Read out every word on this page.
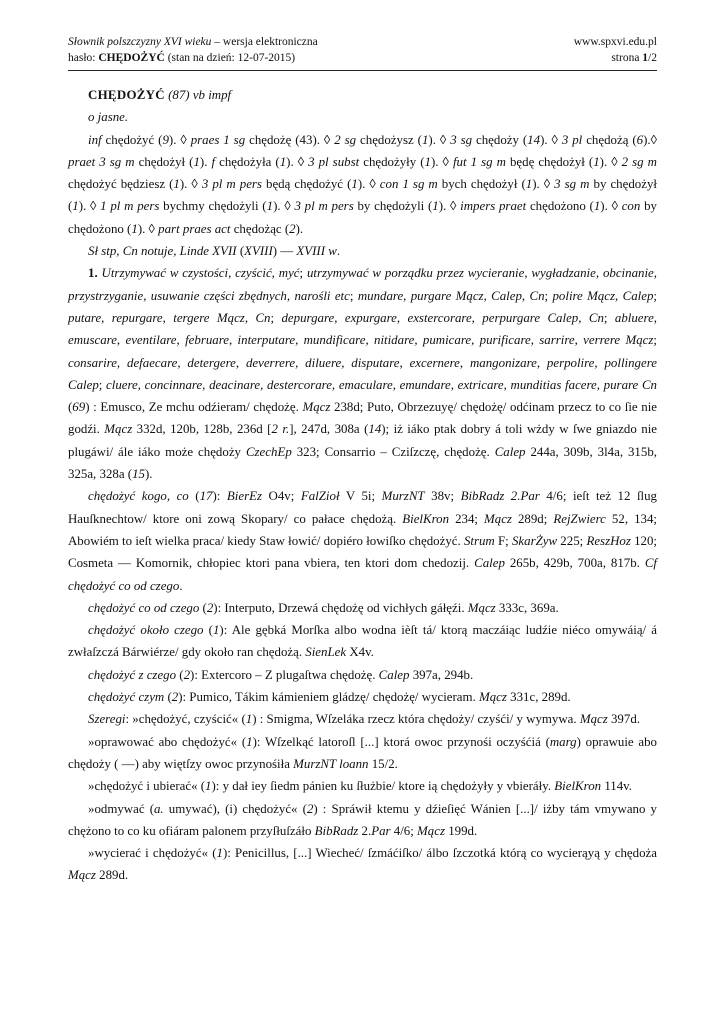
Słownik polszczyzny XVI wieku – wersja elektroniczna	www.spxvi.edu.pl
hasło: CHĘDOŻYĆ (stan na dzień: 12-07-2015)	strona 1/2

CHĘDOŻYĆ (87) vb impf

o jasne.

inf chędożyć (9). ◊ praes 1 sg chędożę (43). ◊ 2 sg chędożysz (1). ◊ 3 sg chędoży (14). ◊ 3 pl chędożą (6).◊ praet 3 sg m chędożył (1). f chędożyła (1). ◊ 3 pl subst chędożyły (1). ◊ fut 1 sg m będę chędożył (1). ◊ 2 sg m chędożyć będziesz (1). ◊ 3 pl m pers będą chędożyć (1). ◊ con 1 sg m bych chędożył (1). ◊ 3 sg m by chędożył (1). ◊ 1 pl m pers bychmy chędożyli (1). ◊ 3 pl m pers by chędożyli (1). ◊ impers praet chędożono (1). ◊ con by chędożono (1). ◊ part praes act chędożąc (2).

Sł stp, Cn notuje, Linde XVII (XVIII) — XVIII w.

1. Utrzymywać w czystości, czyścić, myć; utrzymywać w porządku przez wycieranie, wygładzanie, obcinanie, przystrzyganie, usuwanie części zbędnych, narośli etc; mundare, purgare Mącz, Calep, Cn; polire Mącz, Calep; putare, repurgare, tergere Mącz, Cn; depurgare, expurgare, exstercorare, perpurgare Calep, Cn; abluere, emuscare, eventilare, februare, interputare, mundificare, nitidare, pumicare, purificare, sarrire, verrere Mącz; consarire, defaecare, detergere, deverrere, diluere, disputare, excernere, mangonizare, perpolire, pollingere Calep; cluere, concinnare, deacinare, destercorare, emaculare, emundare, extricare, munditias facere, purare Cn (69) : Emusco, Ze mchu odźieram/ chędożę. Mącz 238d; Puto, Obrzezuyę/ chędożę/ odćinam przecz to co ſie nie godźi. Mącz 332d, 120b, 128b, 236d [2 r.], 247d, 308a (14); iż iáko ptak dobry á toli wżdy w ſwe gniazdo nie plugáwi/ ále iáko może chędoży CzechEp 323; Consarrio – Cziſzczę, chędożę. Calep 244a, 309b, 3l4a, 315b, 325a, 328a (15).

chędożyć kogo, co (17): BierEz O4v; FalZioł V 5i; MurzNT 38v; BibRadz 2.Par 4/6; ieſt też 12 ſlug Hauſknechtow/ ktore oni zową Skopary/ co pałace chędożą. BielKron 234; Mącz 289d; RejZwierc 52, 134; Abowiém to ieſt wielka praca/ kiedy Staw łowić/ dopiéro łowiſko chędożyć. Strum F; SkarŻyw 225; ReszHoz 120; Cosmeta — Komornik, chłopiec ktori pana vbiera, ten ktori dom chedozij. Calep 265b, 429b, 700a, 817b. Cf chędożyć co od czego.

chędożyć co od czego (2): Interputo, Drzewá chędożę od vichłych gáłęźi. Mącz 333c, 369a.

chędożyć około czego (1): Ale gębká Morſka albo wodna ièſt tá/ ktorą maczáiąc ludźie niéco omywáią/ á zwłaſzczá Bárwiérze/ gdy około ran chędożą. SienLek X4v.

chędożyć z czego (2): Extercoro – Z plugaſtwa chędożę. Calep 397a, 294b.

chędożyć czym (2): Pumico, Tákim kámieniem gládzę/ chędożę/ wycieram. Mącz 331c, 289d.

Szeregi: »chędożyć, czyścić« (1) : Smigma, Wſzeláka rzecz która chędoży/ czyśći/ y wymywa. Mącz 397d.

»oprawować abo chędożyć« (1): Wſzelkąć latoroſl [...] ktorá owoc przynośi oczyśćiá (marg) oprawuie abo chędoży ( —) aby więtſzy owoc przynośiła MurzNT loann 15/2.

»chędożyć i ubierać« (1): y dał iey ſiedm pánien ku ſłużbie/ ktore ią chędożyły y vbieráły. BielKron 114v.

»odmywać (a. umywać), (i) chędożyć« (2) : Spráwił ktemu y dźieſięć Wánien [...]/ iżby tám vmywano y chężono to co ku ofiáram palonem przyſłuſzáło BibRadz 2.Par 4/6; Mącz 199d.

»wycierać i chędożyć« (1): Penicillus, [...] Wiecheć/ ſzmáćiſko/ álbo ſzczotká którą co wycierąyą y chędoża Mącz 289d.
